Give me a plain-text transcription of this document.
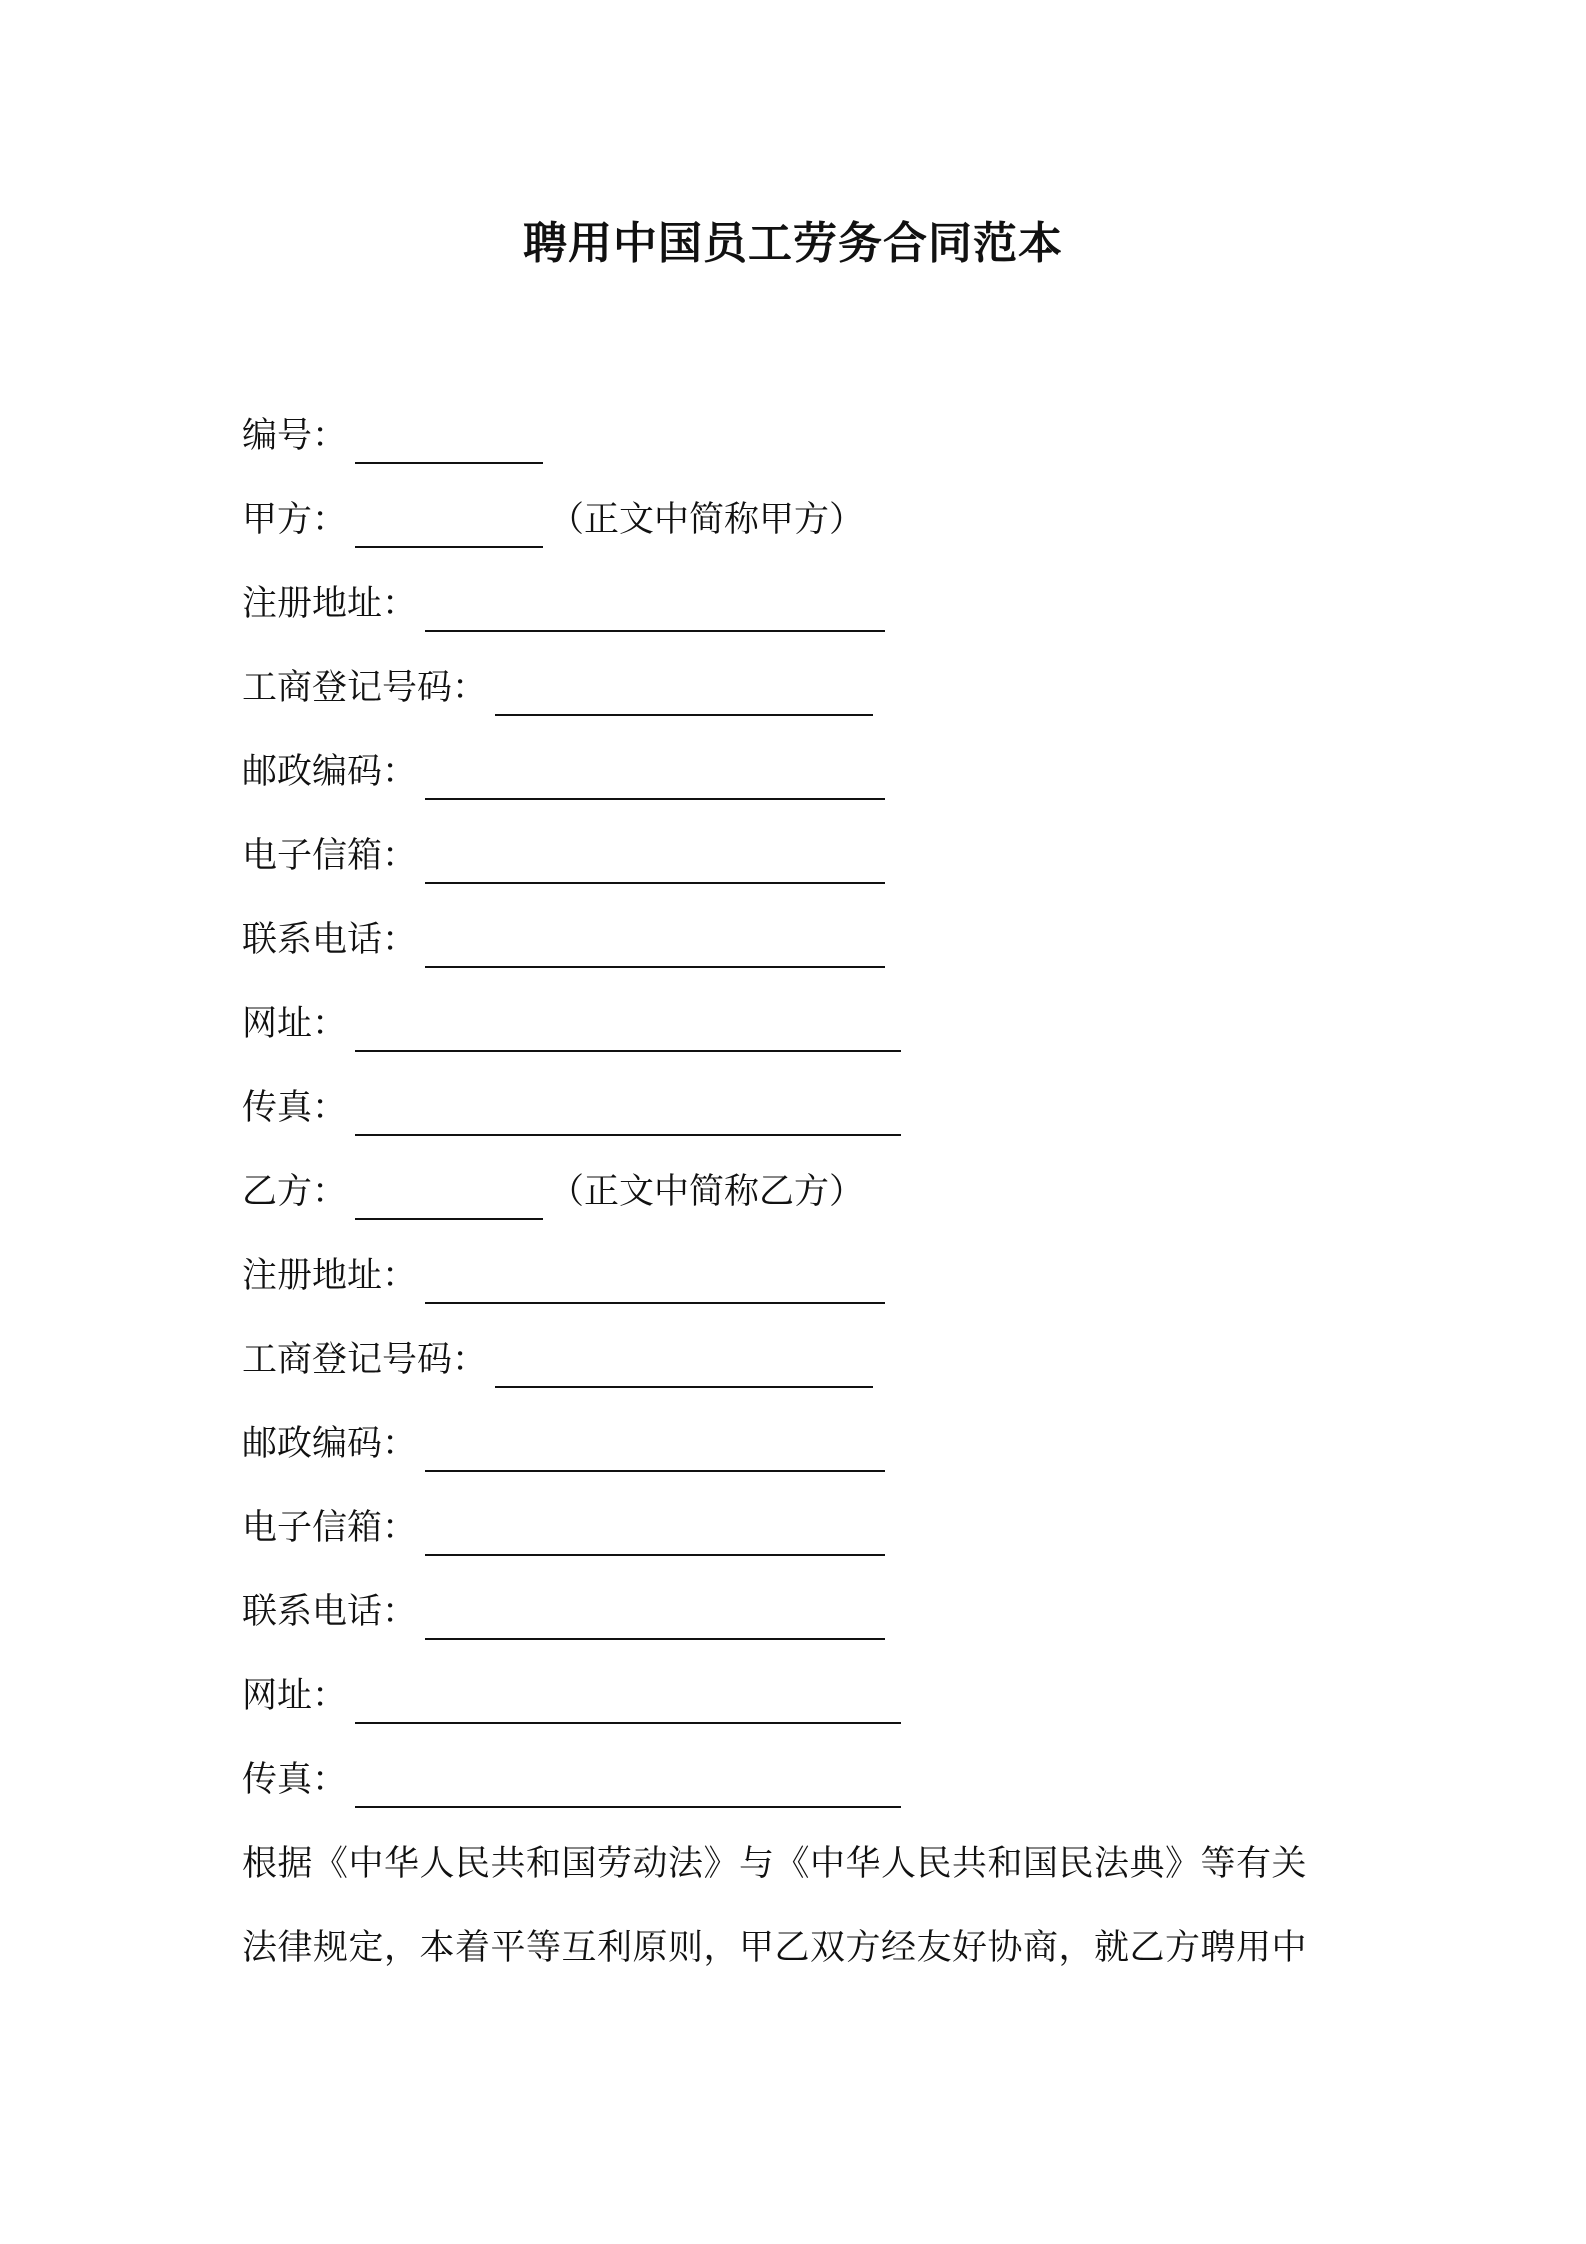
聘用中国员工劳务合同范本
编号：
甲方：	（正文中简称甲方）
注册地址：
工商登记号码：
邮政编码：
电子信箱：
联系电话：
网址：
传真：
乙方：	（正文中简称乙方）
注册地址：
工商登记号码：
邮政编码：
电子信箱：
联系电话：
网址：
传真：
根据《中华人民共和国劳动法》与《中华人民共和国民法典》等有关
法律规定，本着平等互利原则，甲乙双方经友好协商，就乙方聘用中
